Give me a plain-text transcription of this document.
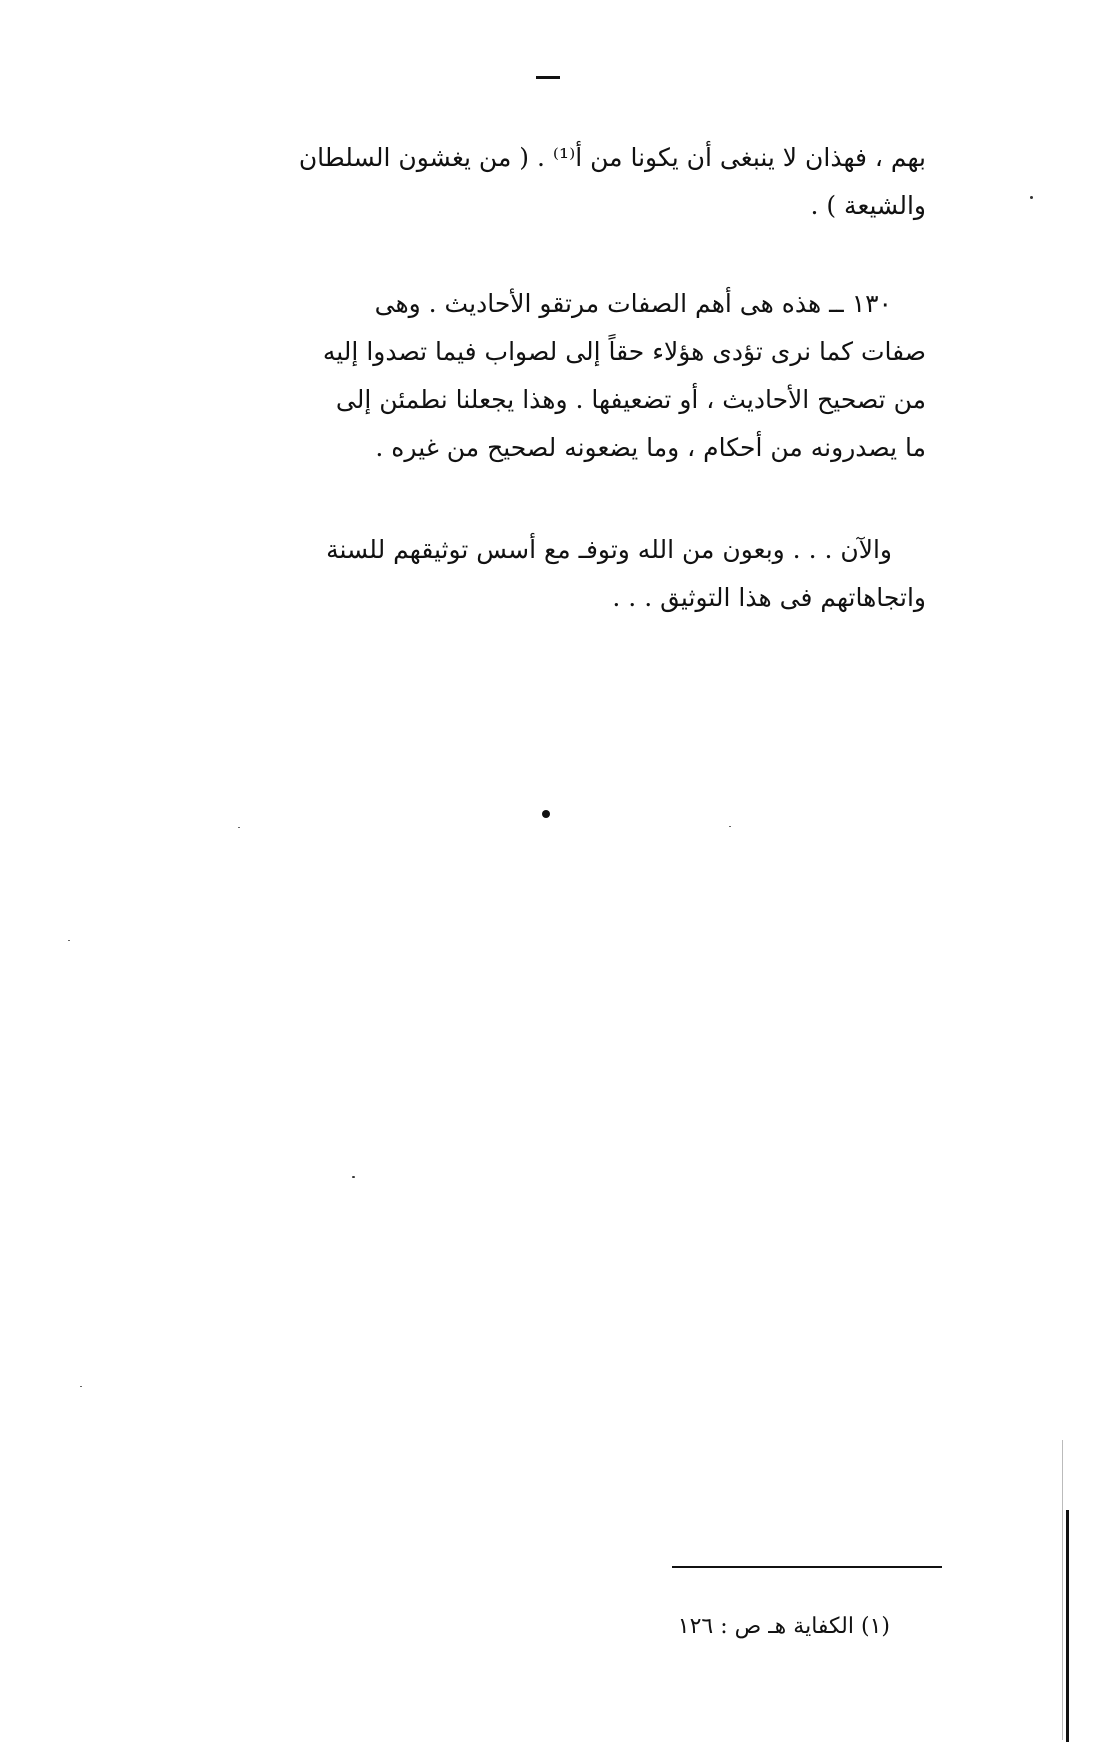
بهم ، فهذان لا ينبغى أن يكونا من أ⁽¹⁾ . ( من يغشون السلطان

والشيعة ) .

١٣٠ ــ هذه هى أهم الصفات مرتقو الأحاديث . وهى

صفات كما نرى تؤدى هؤلاء حقاً إلى لصواب فيما تصدوا إليه

من تصحيح الأحاديث ، أو تضعيفها . وهذا يجعلنا نطمئن إلى

ما يصدرونه من أحكام ، وما يضعونه لصحيح من غيره .

والآن . . . وبعون من الله وتوفـ مع أسس توثيقهم للسنة

واتجاهاتهم فى هذا التوثيق . . .

(١) الكفاية هـ ص : ١٢٦
